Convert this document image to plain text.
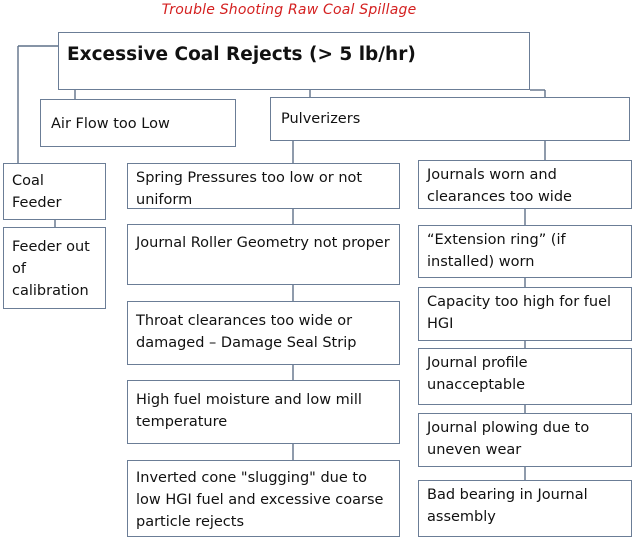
Trouble Shooting Raw Coal Spillage
Excessive Coal Rejects (> 5 lb/hr)
Air Flow too Low	Pulverizers
Coal Feeder
Feeder out of calibration
Spring Pressures too low or not uniform
Journal Roller Geometry not proper
Throat clearances too wide or damaged – Damage Seal Strip
High fuel moisture and low mill temperature
Inverted cone "slugging" due to low HGI fuel and excessive coarse particle rejects
Journals worn and clearances too wide
“Extension ring” (if installed) worn
Capacity too high for fuel HGI
Journal profile unacceptable
Journal plowing due to uneven wear
Bad bearing in Journal assembly
